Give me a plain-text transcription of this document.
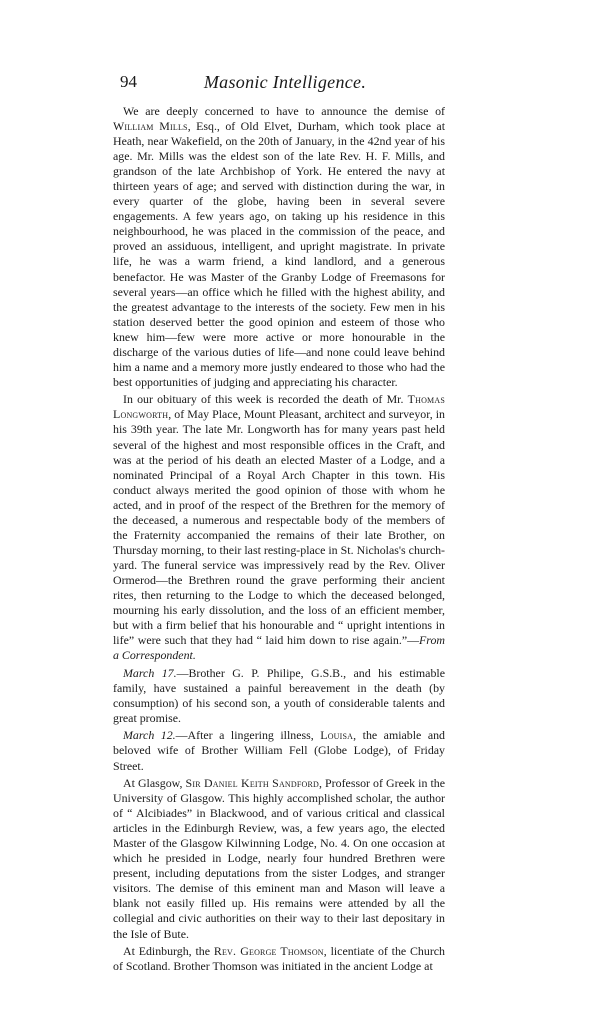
94	Masonic Intelligence.

We are deeply concerned to have to announce the demise of William Mills, Esq., of Old Elvet, Durham, which took place at Heath, near Wakefield, on the 20th of January, in the 42nd year of his age. Mr. Mills was the eldest son of the late Rev. H. F. Mills, and grandson of the late Archbishop of York. He entered the navy at thirteen years of age; and served with distinction during the war, in every quarter of the globe, having been in several severe engagements. A few years ago, on taking up his residence in this neighbourhood, he was placed in the commission of the peace, and proved an assiduous, intelligent, and upright magistrate. In private life, he was a warm friend, a kind landlord, and a generous benefactor. He was Master of the Granby Lodge of Freemasons for several years—an office which he filled with the highest ability, and the greatest advantage to the interests of the society. Few men in his station deserved better the good opinion and esteem of those who knew him—few were more active or more honourable in the discharge of the various duties of life—and none could leave behind him a name and a memory more justly endeared to those who had the best opportunities of judging and appreciating his character.

In our obituary of this week is recorded the death of Mr. Thomas Longworth, of May Place, Mount Pleasant, architect and surveyor, in his 39th year. The late Mr. Longworth has for many years past held several of the highest and most responsible offices in the Craft, and was at the period of his death an elected Master of a Lodge, and a nominated Principal of a Royal Arch Chapter in this town. His conduct always merited the good opinion of those with whom he acted, and in proof of the respect of the Brethren for the memory of the deceased, a numerous and respectable body of the members of the Fraternity accompanied the remains of their late Brother, on Thursday morning, to their last resting-place in St. Nicholas's church-yard. The funeral service was impressively read by the Rev. Oliver Ormerod—the Brethren round the grave performing their ancient rites, then returning to the Lodge to which the deceased belonged, mourning his early dissolution, and the loss of an efficient member, but with a firm belief that his honourable and “ upright intentions in life” were such that they had “ laid him down to rise again.”—From a Correspondent.

March 17.—Brother G. P. Philipe, G.S.B., and his estimable family, have sustained a painful bereavement in the death (by consumption) of his second son, a youth of considerable talents and great promise.

March 12.—After a lingering illness, Louisa, the amiable and beloved wife of Brother William Fell (Globe Lodge), of Friday Street.

At Glasgow, Sir Daniel Keith Sandford, Professor of Greek in the University of Glasgow. This highly accomplished scholar, the author of “ Alcibiades” in Blackwood, and of various critical and classical articles in the Edinburgh Review, was, a few years ago, the elected Master of the Glasgow Kilwinning Lodge, No. 4. On one occasion at which he presided in Lodge, nearly four hundred Brethren were present, including deputations from the sister Lodges, and stranger visitors. The demise of this eminent man and Mason will leave a blank not easily filled up. His remains were attended by all the collegial and civic authorities on their way to their last depositary in the Isle of Bute.

At Edinburgh, the Rev. George Thomson, licentiate of the Church of Scotland. Brother Thomson was initiated in the ancient Lodge at
